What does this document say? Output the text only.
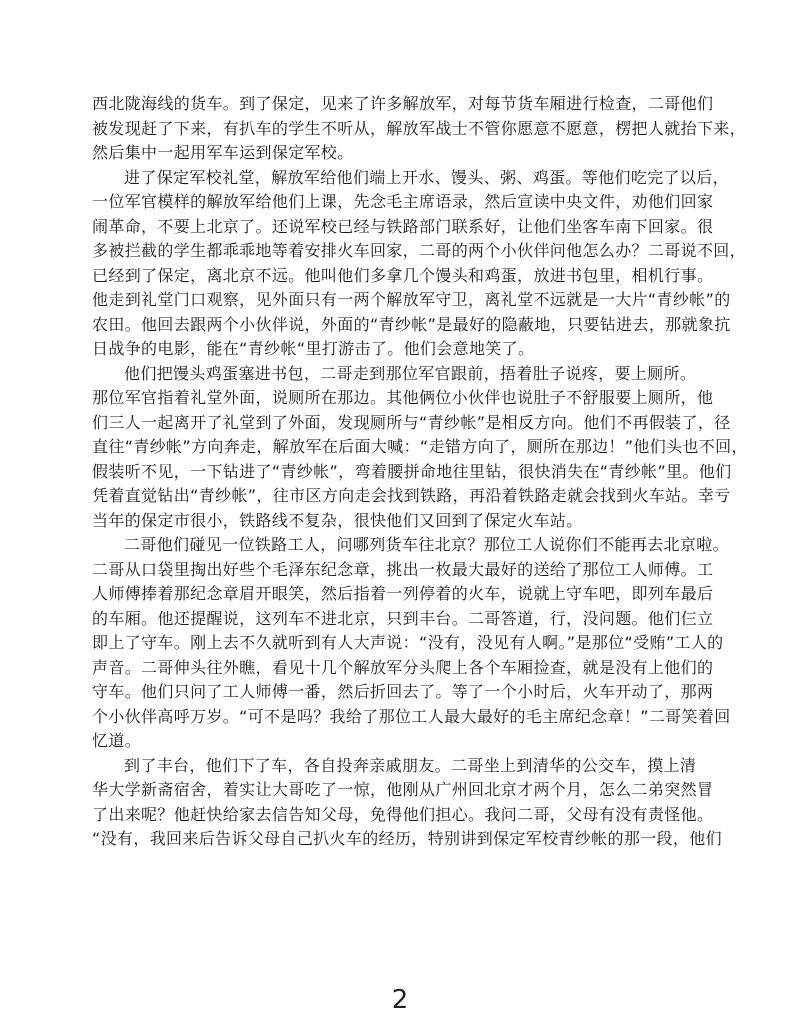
西北陇海线的货车。到了保定，见来了许多解放军，对每节货车厢进行检查，二哥他们
被发现赶了下来，有扒车的学生不听从，解放军战士不管你愿意不愿意，楞把人就抬下来，
然后集中一起用军车运到保定军校。
进了保定军校礼堂，解放军给他们端上开水、馒头、粥、鸡蛋。等他们吃完了以后，
一位军官模样的解放军给他们上课，先念毛主席语录，然后宣读中央文件，劝他们回家
闹革命，不要上北京了。还说军校已经与铁路部门联系好，让他们坐客车南下回家。很
多被拦截的学生都乖乖地等着安排火车回家，二哥的两个小伙伴问他怎么办？二哥说不回，
已经到了保定，离北京不远。他叫他们多拿几个馒头和鸡蛋，放进书包里，相机行事。
他走到礼堂门口观察，见外面只有一两个解放军守卫，离礼堂不远就是一大片“青纱帐”的
农田。他回去跟两个小伙伴说，外面的“青纱帐”是最好的隐蔽地，只要钻进去，那就象抗
日战争的电影，能在“青纱帐“里打游击了。他们会意地笑了。
他们把馒头鸡蛋塞进书包，二哥走到那位军官跟前，捂着肚子说疼，要上厕所。
那位军官指着礼堂外面，说厕所在那边。其他俩位小伙伴也说肚子不舒服要上厕所，他
们三人一起离开了礼堂到了外面，发现厕所与“青纱帐”是相反方向。他们不再假装了，径
直往“青纱帐”方向奔走，解放军在后面大喊：“走错方向了，厕所在那边！”他们头也不回，
假装听不见，一下钻进了“青纱帐”，弯着腰拼命地往里钻，很快消失在“青纱帐”里。他们
凭着直觉钻出“青纱帐”，往市区方向走会找到铁路，再沿着铁路走就会找到火车站。幸亏
当年的保定市很小，铁路线不复杂，很快他们又回到了保定火车站。
二哥他们碰见一位铁路工人，问哪列货车往北京？那位工人说你们不能再去北京啦。
二哥从口袋里掏出好些个毛泽东纪念章，挑出一枚最大最好的送给了那位工人师傅。工
人师傅捧着那纪念章眉开眼笑，然后指着一列停着的火车，说就上守车吧，即列车最后
的车厢。他还提醒说，这列车不进北京，只到丰台。二哥答道，行，没问题。他们仨立
即上了守车。刚上去不久就听到有人大声说：“没有，没见有人啊。”是那位“受贿”工人的
声音。二哥伸头往外瞧，看见十几个解放军分头爬上各个车厢捡查，就是没有上他们的
守车。他们只问了工人师傅一番，然后折回去了。等了一个小时后，火车开动了，那两
个小伙伴高呼万岁。“可不是吗？我给了那位工人最大最好的毛主席纪念章！”二哥笑着回
忆道。
到了丰台，他们下了车，各自投奔亲戚朋友。二哥坐上到清华的公交车，摸上清
华大学新斋宿舍，着实让大哥吃了一惊，他刚从广州回北京才两个月，怎么二弟突然冒
了出来呢？他赶快给家去信告知父母，免得他们担心。我问二哥，父母有没有责怪他。
“没有，我回来后告诉父母自己扒火车的经历，特别讲到保定军校青纱帐的那一段，他们
2
